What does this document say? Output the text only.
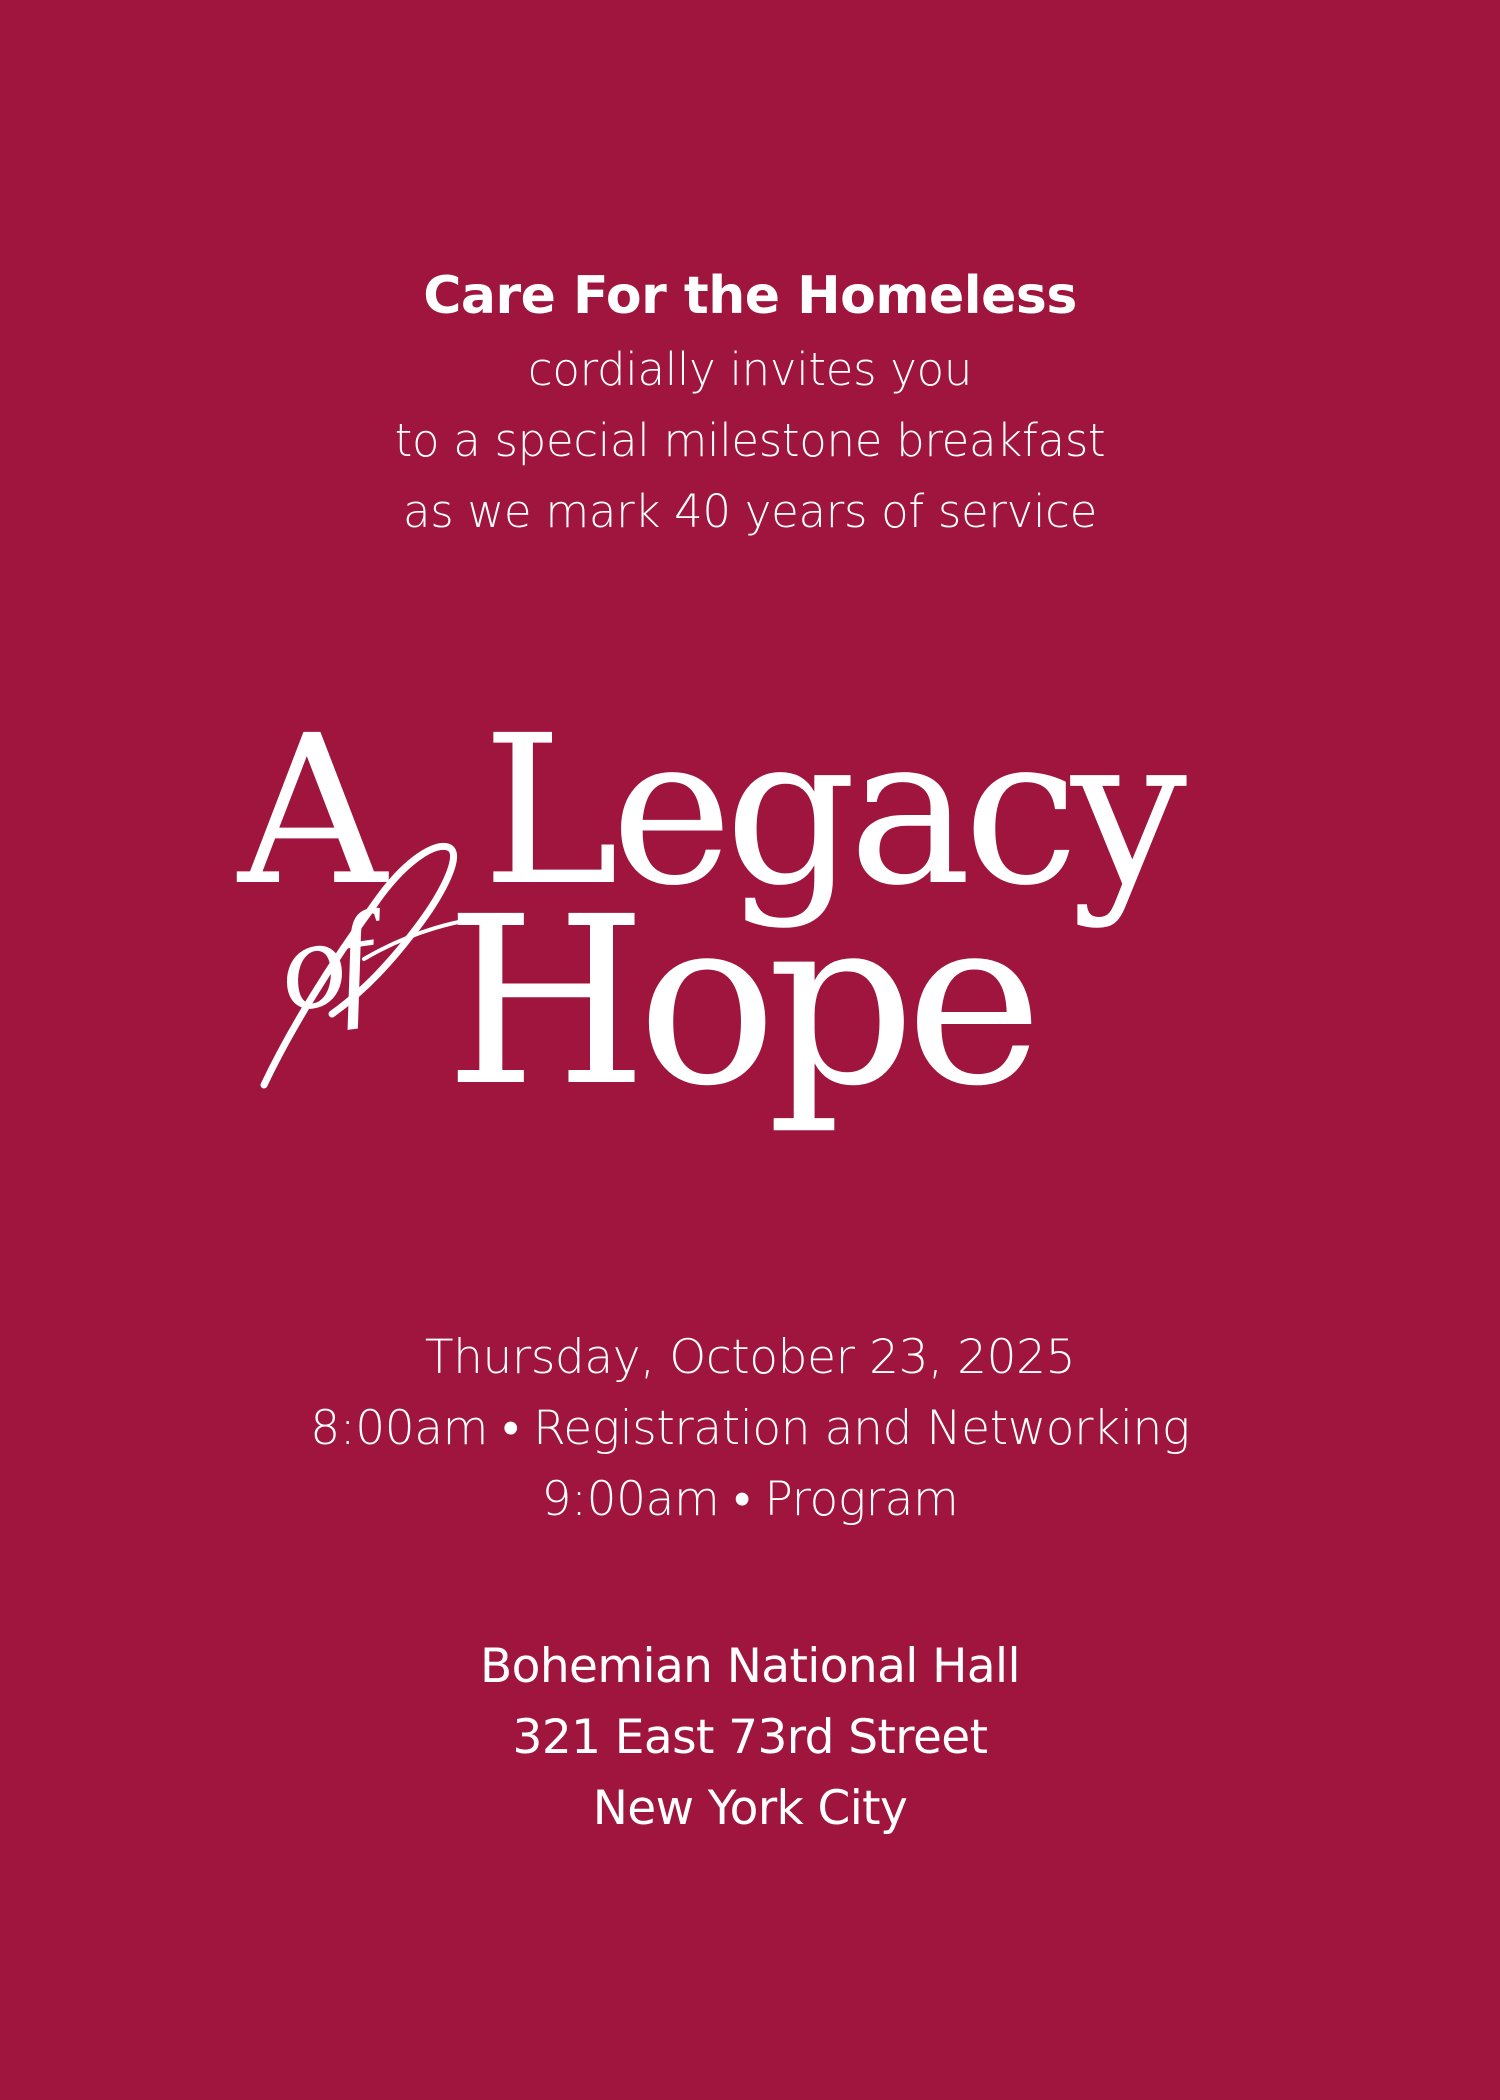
Care For the Homeless

cordially invites you

to a special milestone breakfast

as we mark 40 years of service

A Legacy
of Hope

Thursday, October 23, 2025

8:00am • Registration and Networking

9:00am • Program

Bohemian National Hall

321 East 73rd Street

New York City
